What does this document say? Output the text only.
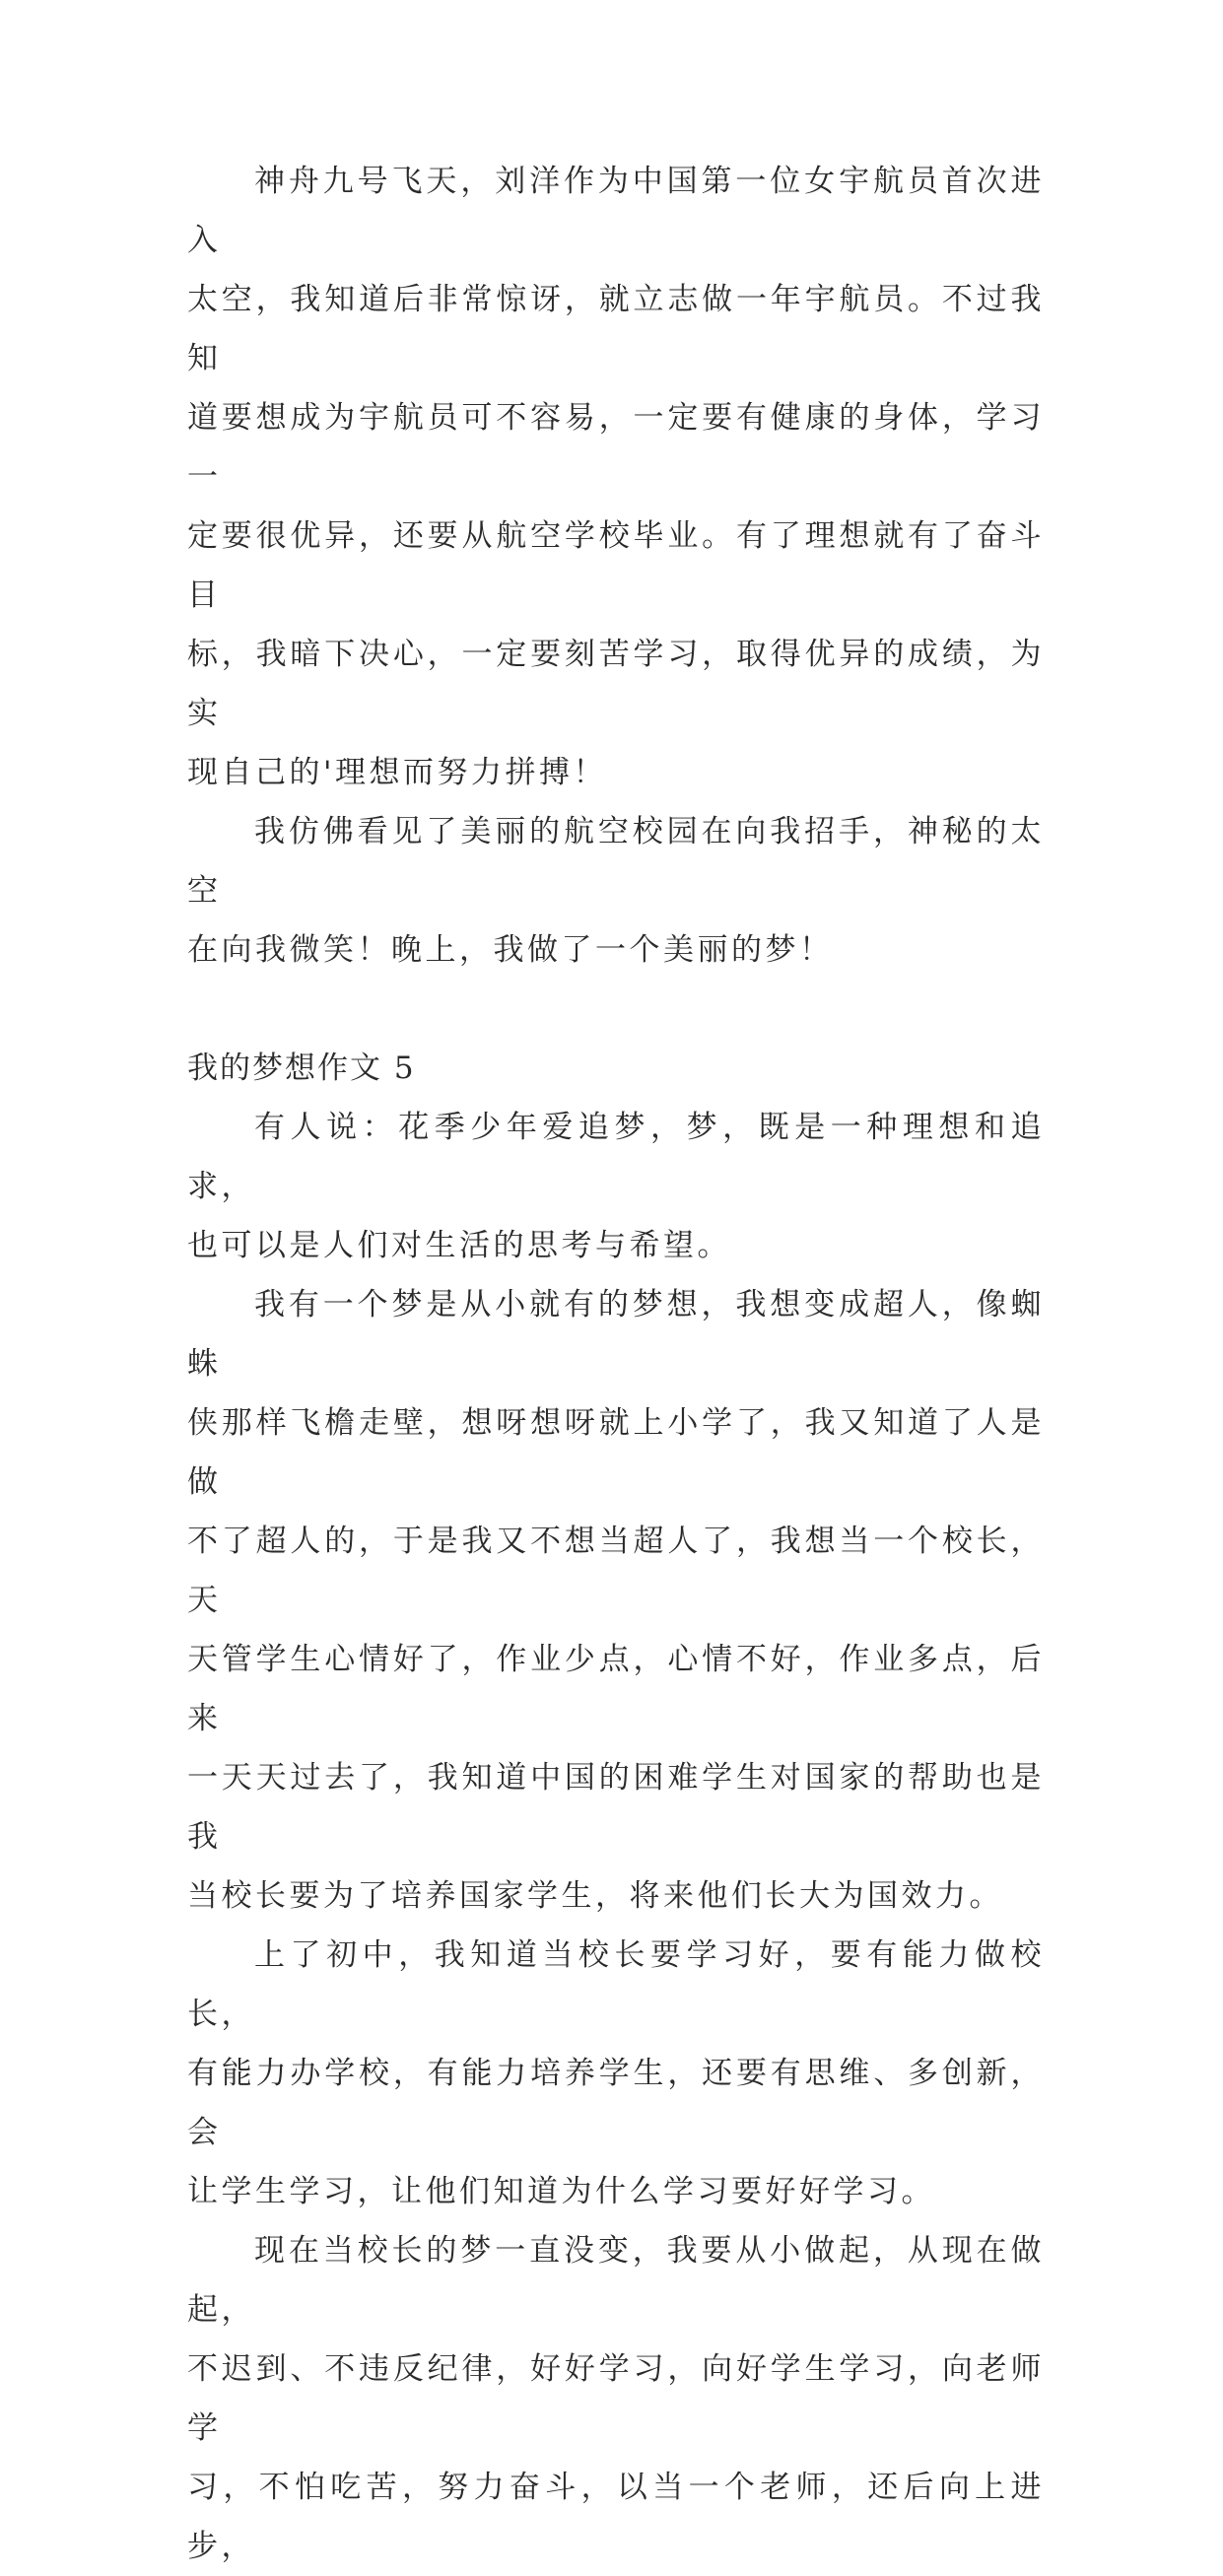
神舟九号飞天，刘洋作为中国第一位女宇航员首次进入
太空，我知道后非常惊讶，就立志做一年宇航员。不过我知
道要想成为宇航员可不容易，一定要有健康的身体，学习一
定要很优异，还要从航空学校毕业。有了理想就有了奋斗目
标，我暗下决心，一定要刻苦学习，取得优异的成绩，为实
现自己的'理想而努力拼搏！

我仿佛看见了美丽的航空校园在向我招手，神秘的太空
在向我微笑！晚上，我做了一个美丽的梦！

我的梦想作文 5

有人说：花季少年爱追梦，梦，既是一种理想和追求，
也可以是人们对生活的思考与希望。

我有一个梦是从小就有的梦想，我想变成超人，像蜘蛛
侠那样飞檐走壁，想呀想呀就上小学了，我又知道了人是做
不了超人的，于是我又不想当超人了，我想当一个校长，天
天管学生心情好了，作业少点，心情不好，作业多点，后来
一天天过去了，我知道中国的困难学生对国家的帮助也是我
当校长要为了培养国家学生，将来他们长大为国效力。

上了初中，我知道当校长要学习好，要有能力做校长，
有能力办学校，有能力培养学生，还要有思维、多创新，会
让学生学习，让他们知道为什么学习要好好学习。

现在当校长的梦一直没变，我要从小做起，从现在做起，
不迟到、不违反纪律，好好学习，向好学生学习，向老师学
习，不怕吃苦，努力奋斗，以当一个老师，还后向上进步，
